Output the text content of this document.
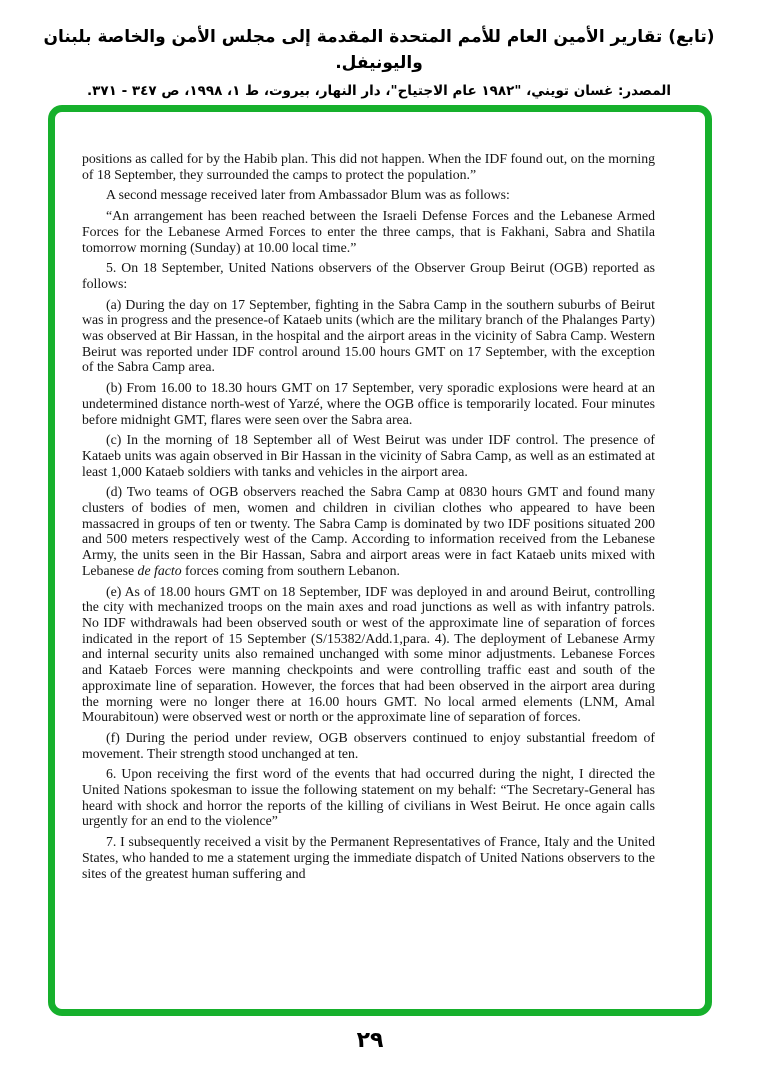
(تابع) تقارير الأمين العام للأمم المتحدة المقدمة إلى مجلس الأمن والخاصة بلبنان واليونيفل.
المصدر: غسان تويني، "١٩٨٢ عام الاجتياح"، دار النهار، بيروت، ط ١، ١٩٩٨، ص ٣٤٧ - ٣٧١.

positions as called for by the Habib plan. This did not happen. When the IDF found out, on the morning of 18 September, they surrounded the camps to protect the population.”

A second message received later from Ambassador Blum was as follows:

“An arrangement has been reached between the Israeli Defense Forces and the Lebanese Armed Forces for the Lebanese Armed Forces to enter the three camps, that is Fakhani, Sabra and Shatila tomorrow morning (Sunday) at 10.00 local time.”

5. On 18 September, United Nations observers of the Observer Group Beirut (OGB) reported as follows:

(a) During the day on 17 September, fighting in the Sabra Camp in the southern suburbs of Beirut was in progress and the presence-of Kataeb units (which are the military branch of the Phalanges Party) was observed at Bir Hassan, in the hospital and the airport areas in the vicinity of Sabra Camp. Western Beirut was reported under IDF control around 15.00 hours GMT on 17 September, with the exception of the Sabra Camp area.

(b) From 16.00 to 18.30 hours GMT on 17 September, very sporadic explosions were heard at an undetermined distance north-west of Yarzé, where the OGB office is temporarily located. Four minutes before midnight GMT, flares were seen over the Sabra area.

(c) In the morning of 18 September all of West Beirut was under IDF control. The presence of Kataeb units was again observed in Bir Hassan in the vicinity of Sabra Camp, as well as an estimated at least 1,000 Kataeb soldiers with tanks and vehicles in the airport area.

(d) Two teams of OGB observers reached the Sabra Camp at 0830 hours GMT and found many clusters of bodies of men, women and children in civilian clothes who appeared to have been massacred in groups of ten or twenty. The Sabra Camp is dominated by two IDF positions situated 200 and 500 meters respectively west of the Camp. According to information received from the Lebanese Army, the units seen in the Bir Hassan, Sabra and airport areas were in fact Kataeb units mixed with Lebanese de facto forces coming from southern Lebanon.

(e) As of 18.00 hours GMT on 18 September, IDF was deployed in and around Beirut, controlling the city with mechanized troops on the main axes and road junctions as well as with infantry patrols. No IDF withdrawals had been observed south or west of the approximate line of separation of forces indicated in the report of 15 September (S/15382/Add.1,para. 4). The deployment of Lebanese Army and internal security units also remained unchanged with some minor adjustments. Lebanese Forces and Kataeb Forces were manning checkpoints and were controlling traffic east and south of the approximate line of separation. However, the forces that had been observed in the airport area during the morning were no longer there at 16.00 hours GMT. No local armed elements (LNM, Amal Mourabitoun) were observed west or north or the approximate line of separation of forces.

(f) During the period under review, OGB observers continued to enjoy substantial freedom of movement. Their strength stood unchanged at ten.

6. Upon receiving the first word of the events that had occurred during the night, I directed the United Nations spokesman to issue the following statement on my behalf: “The Secretary-General has heard with shock and horror the reports of the killing of civilians in West Beirut. He once again calls urgently for an end to the violence”

7. I subsequently received a visit by the Permanent Representatives of France, Italy and the United States, who handed to me a statement urging the immediate dispatch of United Nations observers to the sites of the greatest human suffering and

٢٩
